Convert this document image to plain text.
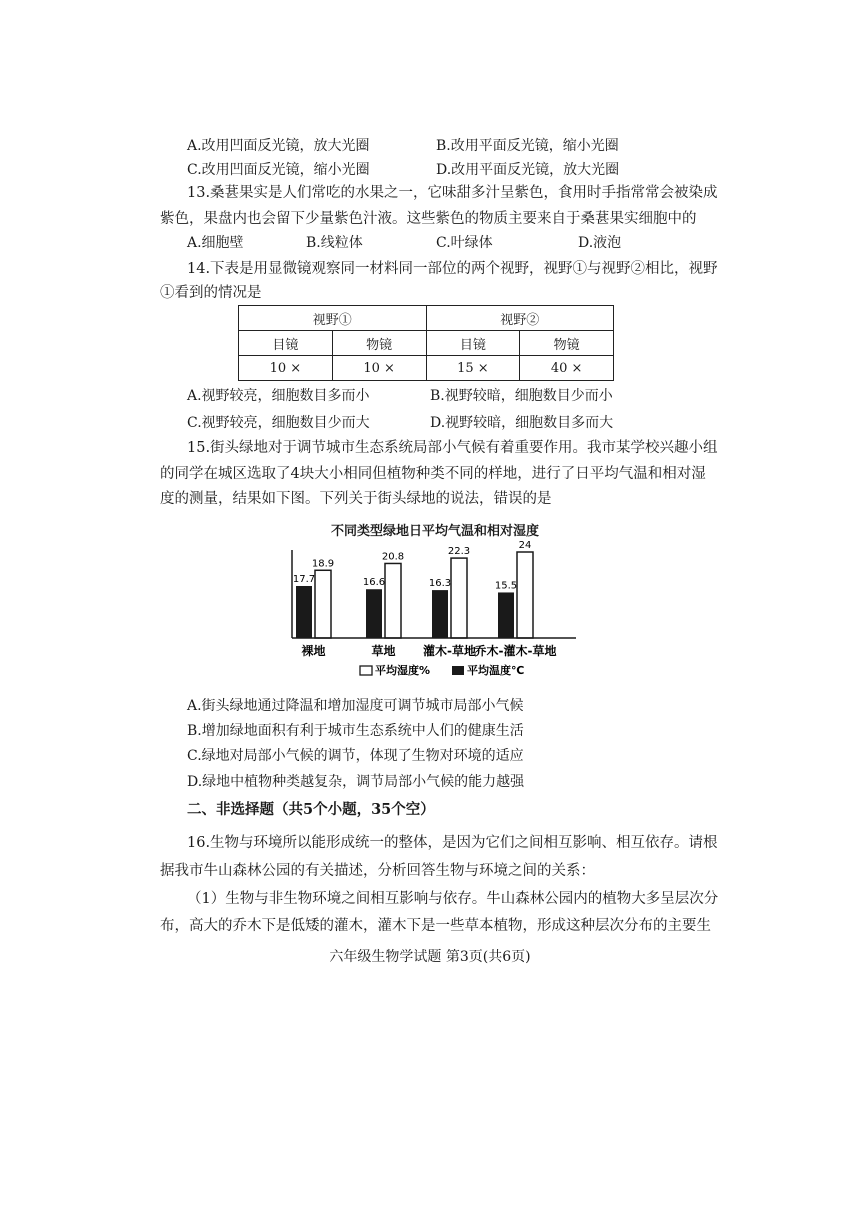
A.改用凹面反光镜，放大光圈	B.改用平面反光镜，缩小光圈
C.改用凹面反光镜，缩小光圈	D.改用平面反光镜，放大光圈
13.桑葚果实是人们常吃的水果之一，它味甜多汁呈紫色，食用时手指常常会被染成
紫色，果盘内也会留下少量紫色汁液。这些紫色的物质主要来自于桑葚果实细胞中的
A.细胞壁	B.线粒体	C.叶绿体	D.液泡
14.下表是用显微镜观察同一材料同一部位的两个视野，视野①与视野②相比，视野
①看到的情况是
视野①		视野②	
目镜	物镜	目镜	物镜
10 ×	10 ×	15 ×	40 ×
A.视野较亮，细胞数目多而小	B.视野较暗，细胞数目少而小
C.视野较亮，细胞数目少而大	D.视野较暗，细胞数目多而大
15.街头绿地对于调节城市生态系统局部小气候有着重要作用。我市某学校兴趣小组
的同学在城区选取了4块大小相同但植物种类不同的样地，进行了日平均气温和相对湿
度的测量，结果如下图。下列关于街头绿地的说法，错误的是
不同类型绿地日平均气温和相对湿度
17.7
18.9
16.6
20.8
16.3
22.3
15.5
24
裸地	草地 灌木-草地
乔木-灌木-草地
平均湿度%	平均温度℃
A.街头绿地通过降温和增加湿度可调节城市局部小气候
B.增加绿地面积有利于城市生态系统中人们的健康生活
C.绿地对局部小气候的调节，体现了生物对环境的适应
D.绿地中植物种类越复杂，调节局部小气候的能力越强
二、非选择题（共5个小题，35个空）
16.生物与环境所以能形成统一的整体，是因为它们之间相互影响、相互依存。请根
据我市牛山森林公园的有关描述，分析回答生物与环境之间的关系：
（1）生物与非生物环境之间相互影响与依存。牛山森林公园内的植物大多呈层次分
布，高大的乔木下是低矮的灌木，灌木下是一些草本植物，形成这种层次分布的主要生
六年级生物学试题 第3页(共6页)
